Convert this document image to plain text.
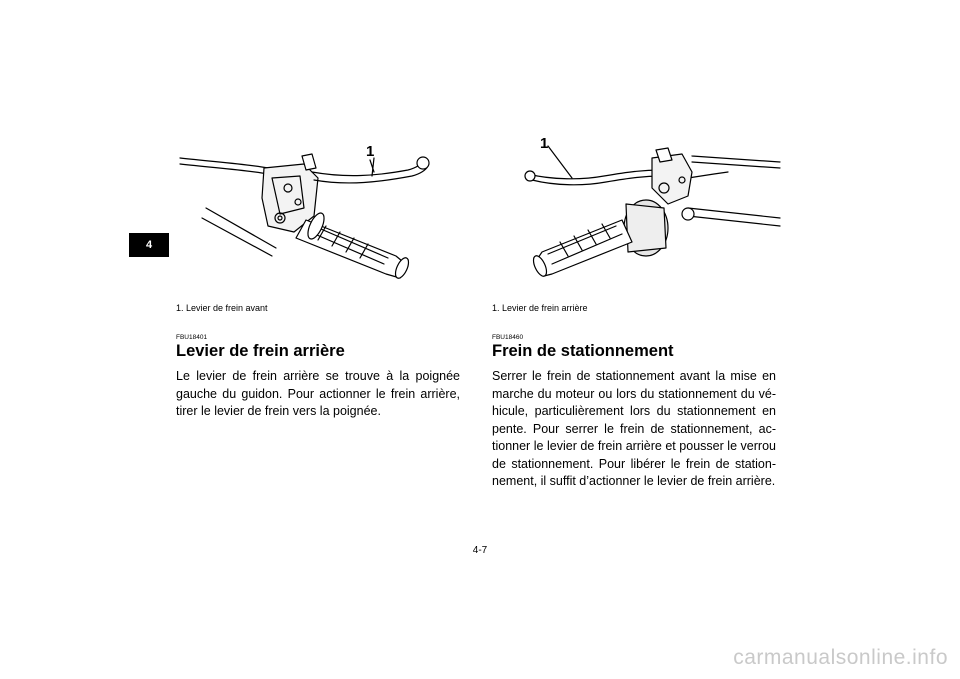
4
1	1
1. Levier de frein avant	1. Levier de frein arrière
FBU18401
Levier de frein arrière

Le levier de frein arrière se trouve à la poignée gauche du guidon. Pour actionner le frein arrière, tirer le levier de frein vers la poignée.

FBU18460
Frein de stationnement

Serrer le frein de stationnement avant la mise en marche du moteur ou lors du stationnement du véhicule, particulièrement lors du stationnement en pente. Pour serrer le frein de stationnement, actionner le levier de frein arrière et pousser le verrou de stationnement. Pour libérer le frein de stationnement, il suffit d’actionner le levier de frein arrière.

4-7
carmanualsonline.info
